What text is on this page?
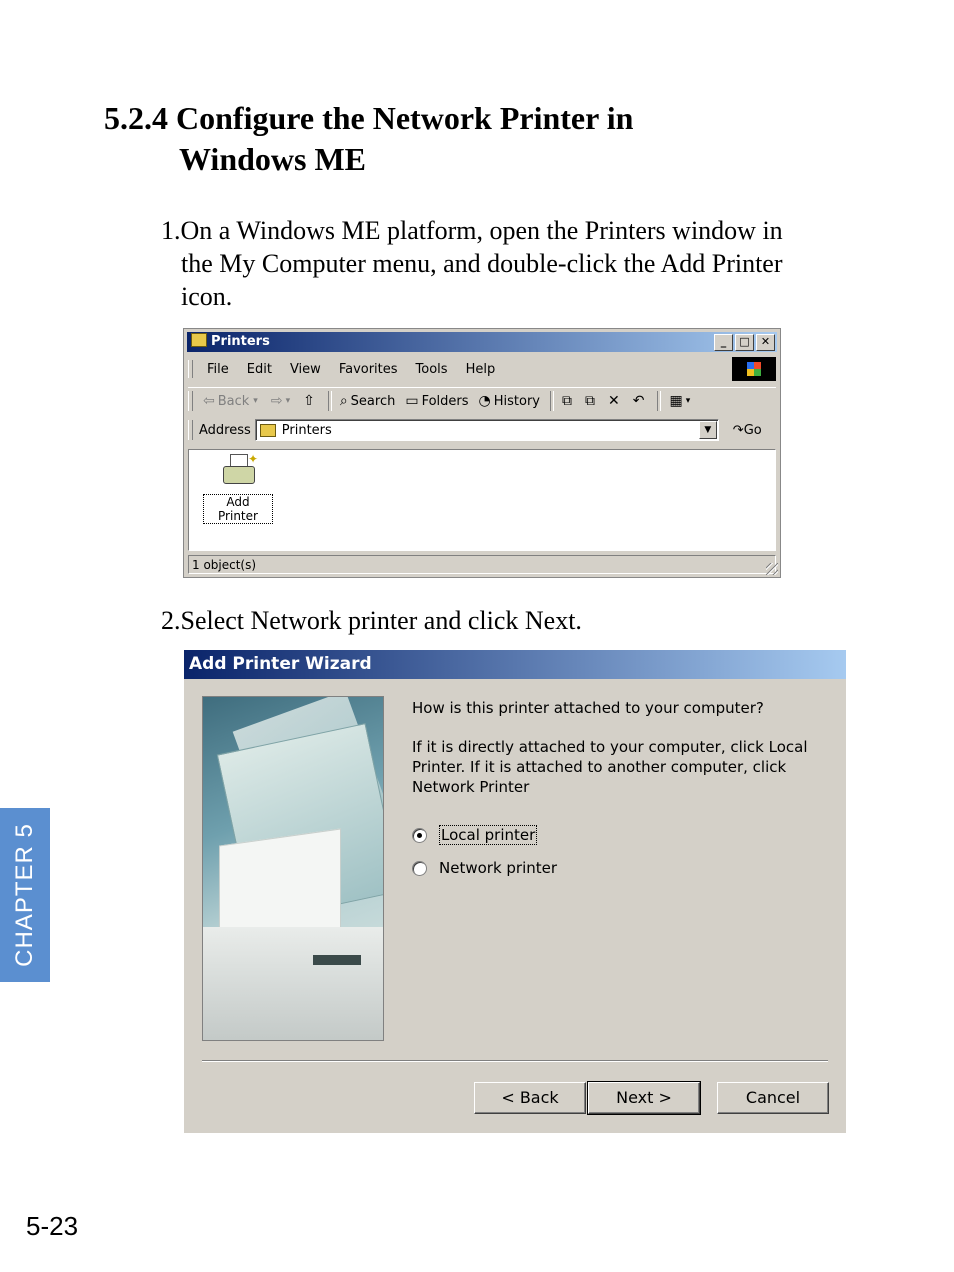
5.2.4 Configure the Network Printer in
Windows ME
1.On a Windows ME platform, open the Printers window in
the My Computer menu, and double-click the Add Printer
icon.
Printers	_	□	✕
File Edit View Favorites Tools Help
⇦ Back ▾ ⇨ ▾ ⇧ ⌕ Search ▭ Folders ◔ History ⧉ ⧉ ✕ ↶ ▦ ▾
Address Printers	▼	↷Go
✦
Add Printer
1 object(s)
2.Select Network printer and click Next.
Add Printer Wizard
How is this printer attached to your computer?
If it is directly attached to your computer, click Local Printer. If it is attached to another computer, click Network Printer
Local printer
Network printer
< Back	Next >	Cancel
CHAPTER 5
5-23
